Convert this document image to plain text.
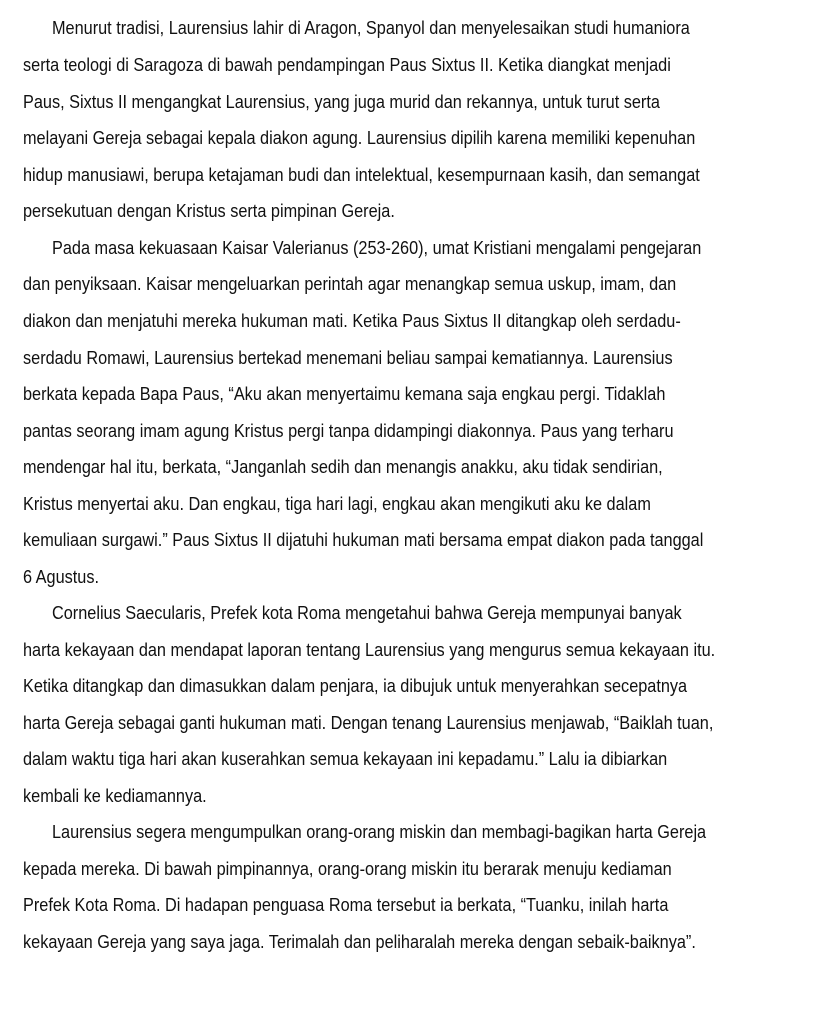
Menurut tradisi, Laurensius lahir di Aragon, Spanyol dan menyelesaikan studi humaniora
serta teologi di Saragoza di bawah pendampingan Paus Sixtus II. Ketika diangkat menjadi
Paus, Sixtus II mengangkat Laurensius, yang juga murid dan rekannya, untuk turut serta
melayani Gereja sebagai kepala diakon agung. Laurensius dipilih karena memiliki kepenuhan
hidup manusiawi, berupa ketajaman budi dan intelektual, kesempurnaan kasih, dan semangat
persekutuan dengan Kristus serta pimpinan Gereja.
Pada masa kekuasaan Kaisar Valerianus (253-260), umat Kristiani mengalami pengejaran
dan penyiksaan. Kaisar mengeluarkan perintah agar menangkap semua uskup, imam, dan
diakon dan menjatuhi mereka hukuman mati. Ketika Paus Sixtus II ditangkap oleh serdadu-
serdadu Romawi, Laurensius bertekad menemani beliau sampai kematiannya. Laurensius
berkata kepada Bapa Paus, “Aku akan menyertaimu kemana saja engkau pergi. Tidaklah
pantas seorang imam agung Kristus pergi tanpa didampingi diakonnya. Paus yang terharu
mendengar hal itu, berkata, “Janganlah sedih dan menangis anakku, aku tidak sendirian,
Kristus menyertai aku. Dan engkau, tiga hari lagi, engkau akan mengikuti aku ke dalam
kemuliaan surgawi.” Paus Sixtus II dijatuhi hukuman mati bersama empat diakon pada tanggal
6 Agustus.
Cornelius Saecularis, Prefek kota Roma mengetahui bahwa Gereja mempunyai banyak
harta kekayaan dan mendapat laporan tentang Laurensius yang mengurus semua kekayaan itu.
Ketika ditangkap dan dimasukkan dalam penjara, ia dibujuk untuk menyerahkan secepatnya
harta Gereja sebagai ganti hukuman mati. Dengan tenang Laurensius menjawab, “Baiklah tuan,
dalam waktu tiga hari akan kuserahkan semua kekayaan ini kepadamu.” Lalu ia dibiarkan
kembali ke kediamannya.
Laurensius segera mengumpulkan orang-orang miskin dan membagi-bagikan harta Gereja
kepada mereka. Di bawah pimpinannya, orang-orang miskin itu berarak menuju kediaman
Prefek Kota Roma. Di hadapan penguasa Roma tersebut ia berkata, “Tuanku, inilah harta
kekayaan Gereja yang saya jaga. Terimalah dan peliharalah mereka dengan sebaik-baiknya”.
